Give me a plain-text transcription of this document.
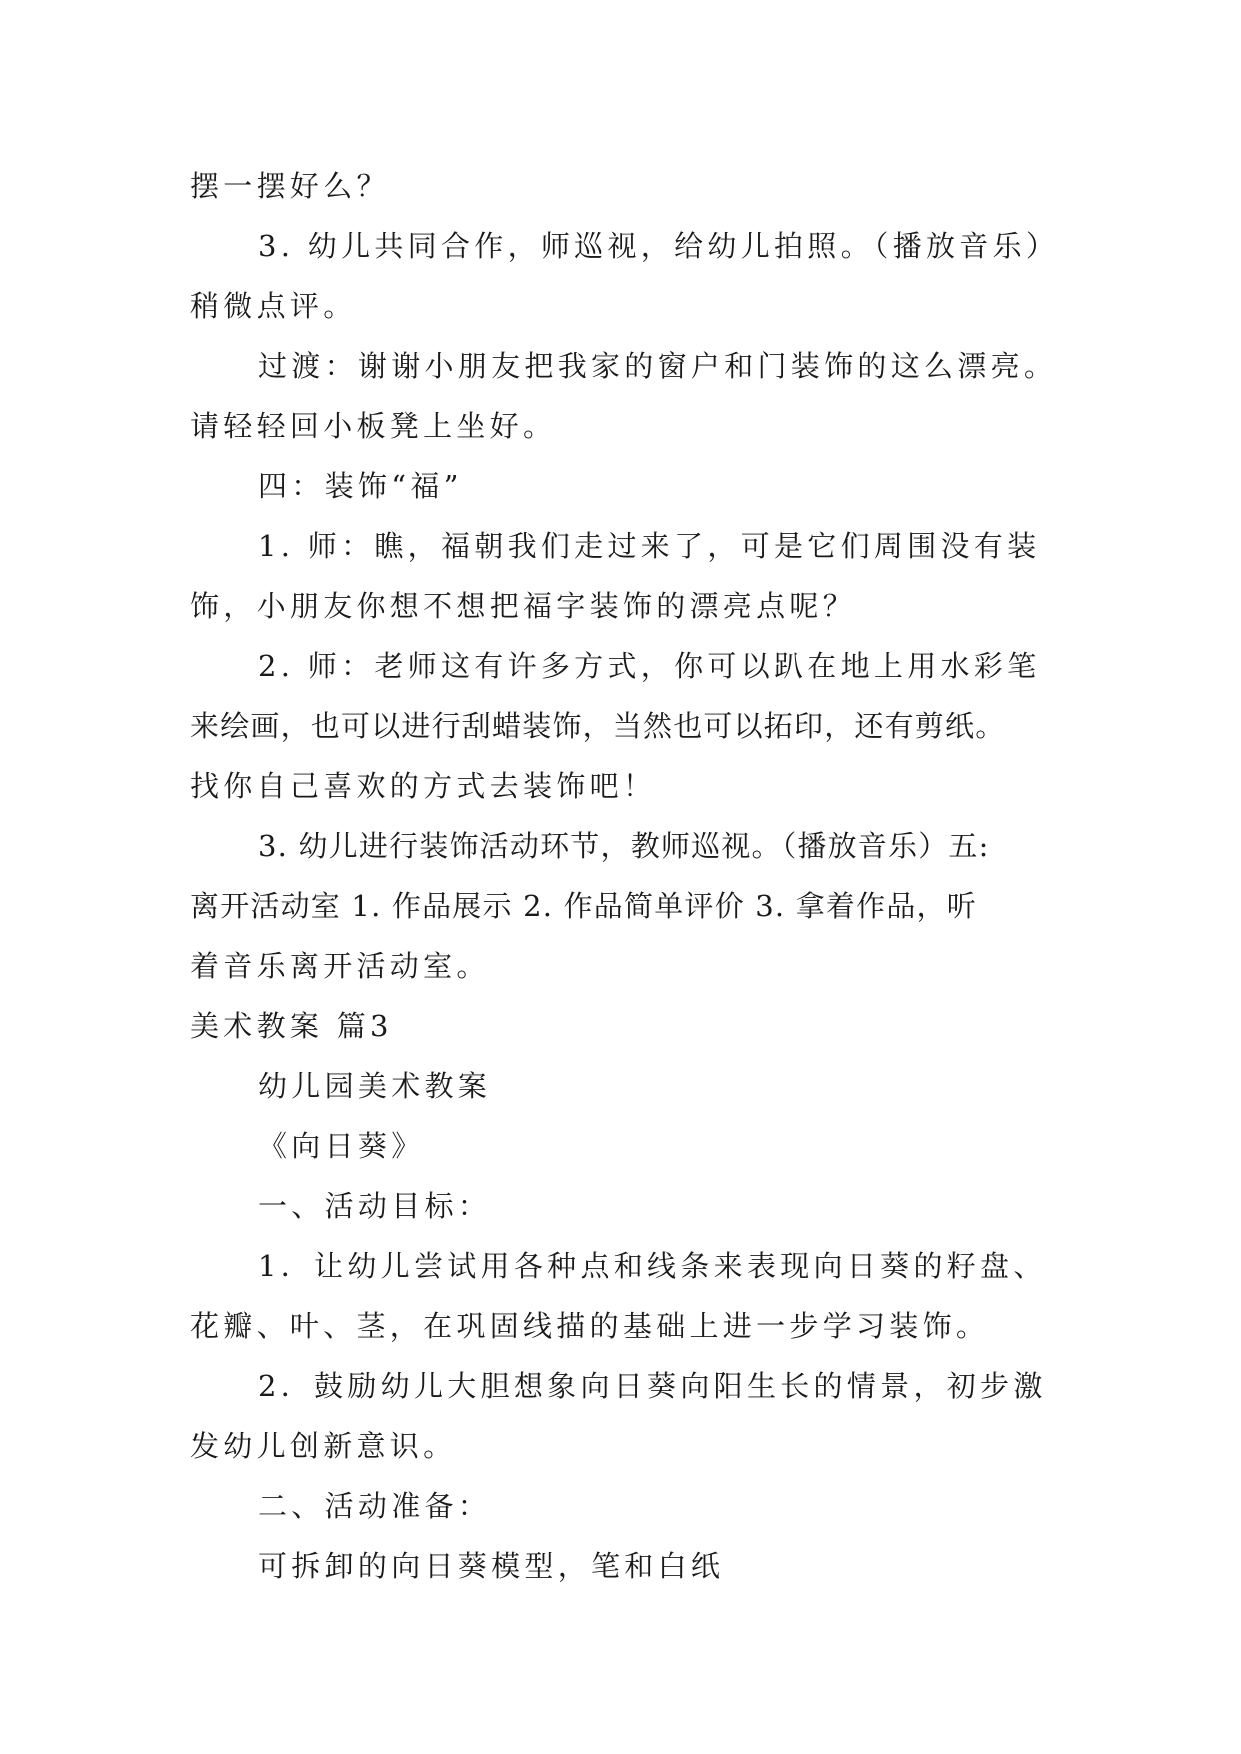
摆一摆好么？
3. 幼儿共同合作，师巡视，给幼儿拍照。（播放音乐）
稍微点评。
过渡：谢谢小朋友把我家的窗户和门装饰的这么漂亮。
请轻轻回小板凳上坐好。
四：装饰“福”
1. 师：瞧，福朝我们走过来了，可是它们周围没有装
饰，小朋友你想不想把福字装饰的漂亮点呢？
2. 师：老师这有许多方式，你可以趴在地上用水彩笔
来绘画，也可以进行刮蜡装饰，当然也可以拓印，还有剪纸。
找你自己喜欢的方式去装饰吧！
3. 幼儿进行装饰活动环节，教师巡视。（播放音乐）五:
离开活动室 1. 作品展示 2. 作品简单评价 3. 拿着作品，听
着音乐离开活动室。
美术教案 篇3
幼儿园美术教案
《向日葵》
一、活动目标：
1．让幼儿尝试用各种点和线条来表现向日葵的籽盘、
花瓣、叶、茎，在巩固线描的基础上进一步学习装饰。
2．鼓励幼儿大胆想象向日葵向阳生长的情景，初步激
发幼儿创新意识。
二、活动准备：
可拆卸的向日葵模型，笔和白纸
